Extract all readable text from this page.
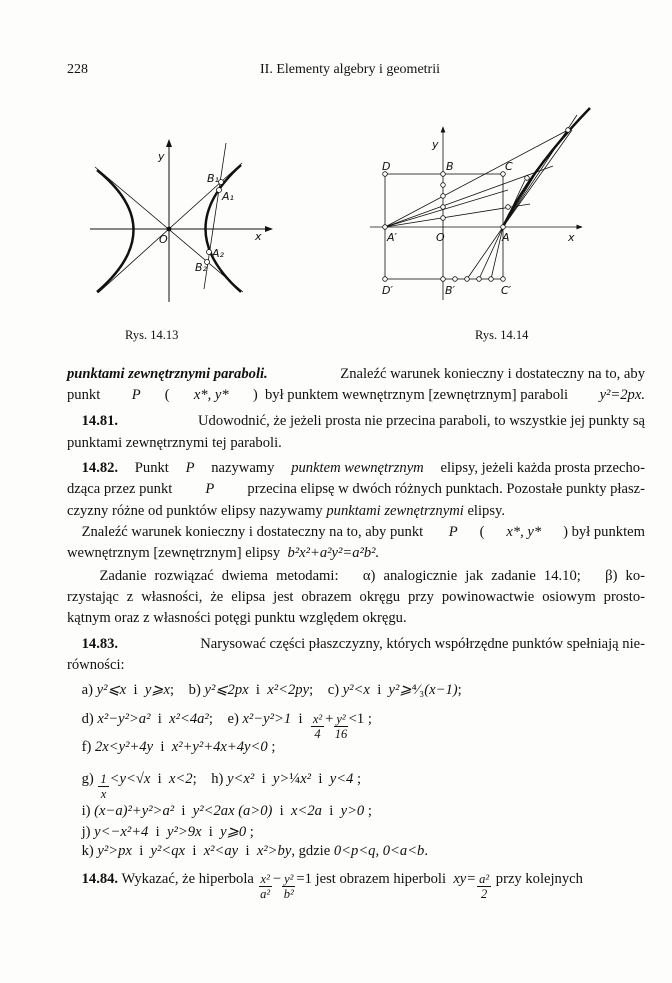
228	II. Elementy algebry i geometrii
y
x
O
B₁
A₁
A₂
B₂
y
x
O
D	B	C
A′	A
D′	B′	C′
Rys. 14.13	Rys. 14.14
punktami zewnętrznymi paraboli.	Znaleźć warunek konieczny i dostateczny na to, aby
punkt P ( x*, y* )  był punktem wewnętrznym [zewnętrznym] paraboli y²=2px.
14.81.	Udowodnić, że jeżeli prosta nie przecina paraboli, to wszystkie jej punkty są
punktami zewnętrznymi tej paraboli.
14.82. Punkt P nazywamy punktem wewnętrznym elipsy, jeżeli każda prosta przecho-
dząca przez punkt P przecina elipsę w dwóch różnych punktach. Pozostałe punkty płasz-
czyzny różne od punktów elipsy nazywamy punktami zewnętrznymi elipsy.
Znaleźć warunek konieczny i dostateczny na to, aby punkt P ( x*, y* ) był punktem
wewnętrznym [zewnętrznym] elipsy b²x²+a²y²=a²b².
Zadanie rozwiązać dwiema metodami:   α) analogicznie jak zadanie 14.10;   β) ko-
rzystając z własności, że elipsa jest obrazem okręgu przy powinowactwie osiowym prosto-
kątnym oraz z własności potęgi punktu względem okręgu.
14.83.	Narysować części płaszczyzny, których współrzędne punktów spełniają nie-
równości:
a) y²⩽x i y⩾x ;    b) y²⩽2px i x²<2py ;    c) y²<x i y²⩾ ⁴⁄₃ (x−1) ;
d) x²−y²>a² i x²<4a² ;    e) x²−y²>1 i $\frac{\text{x²}}{4} + \frac{\text{y²}}{16} <1$ ;
f) 2x<y²+4y i x²+y²+4x+4y<0 ;
$g) \frac{1}{x} <y<√x$ i x<2 ;    h) y<x² i y> ¼ x² i y<4 ;
i) (x−a)²+y²>a² i y²<2ax (a>0) i x<2a i y>0 ;
j) y<−x²+4 i y²>9x i y⩾0 ;
k) y²>px i y²<qx i x²<ay i x²>by , gdzie 0<p<q, 0<a<b .
14.84. Wykazać, że hiperbola $\frac{\text{x²}}{\text{a²}} - \frac{\text{y²}}{\text{b²}} =1$ jest obrazem hiperboli $xy= \frac{\text{a²}}{2}$ przy kolejnych
